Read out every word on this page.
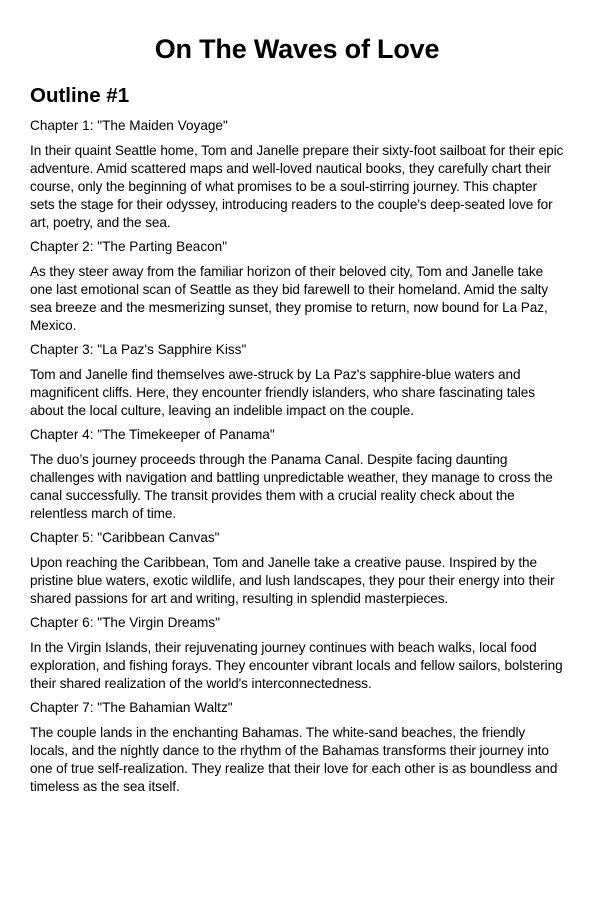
On The Waves of Love
Outline #1

Chapter 1: "The Maiden Voyage"

In their quaint Seattle home, Tom and Janelle prepare their sixty-foot sailboat for their epic adventure. Amid scattered maps and well-loved nautical books, they carefully chart their course, only the beginning of what promises to be a soul-stirring journey. This chapter sets the stage for their odyssey, introducing readers to the couple's deep-seated love for art, poetry, and the sea.

Chapter 2: "The Parting Beacon"

As they steer away from the familiar horizon of their beloved city, Tom and Janelle take one last emotional scan of Seattle as they bid farewell to their homeland. Amid the salty sea breeze and the mesmerizing sunset, they promise to return, now bound for La Paz, Mexico.

Chapter 3: "La Paz's Sapphire Kiss"

Tom and Janelle find themselves awe-struck by La Paz's sapphire-blue waters and magnificent cliffs. Here, they encounter friendly islanders, who share fascinating tales about the local culture, leaving an indelible impact on the couple.

Chapter 4: "The Timekeeper of Panama"

The duo’s journey proceeds through the Panama Canal. Despite facing daunting challenges with navigation and battling unpredictable weather, they manage to cross the canal successfully. The transit provides them with a crucial reality check about the relentless march of time.

Chapter 5: "Caribbean Canvas"

Upon reaching the Caribbean, Tom and Janelle take a creative pause. Inspired by the pristine blue waters, exotic wildlife, and lush landscapes, they pour their energy into their shared passions for art and writing, resulting in splendid masterpieces.

Chapter 6: "The Virgin Dreams"

In the Virgin Islands, their rejuvenating journey continues with beach walks, local food exploration, and fishing forays. They encounter vibrant locals and fellow sailors, bolstering their shared realization of the world's interconnectedness.

Chapter 7: "The Bahamian Waltz"

The couple lands in the enchanting Bahamas. The white-sand beaches, the friendly locals, and the nightly dance to the rhythm of the Bahamas transforms their journey into one of true self-realization. They realize that their love for each other is as boundless and timeless as the sea itself.
